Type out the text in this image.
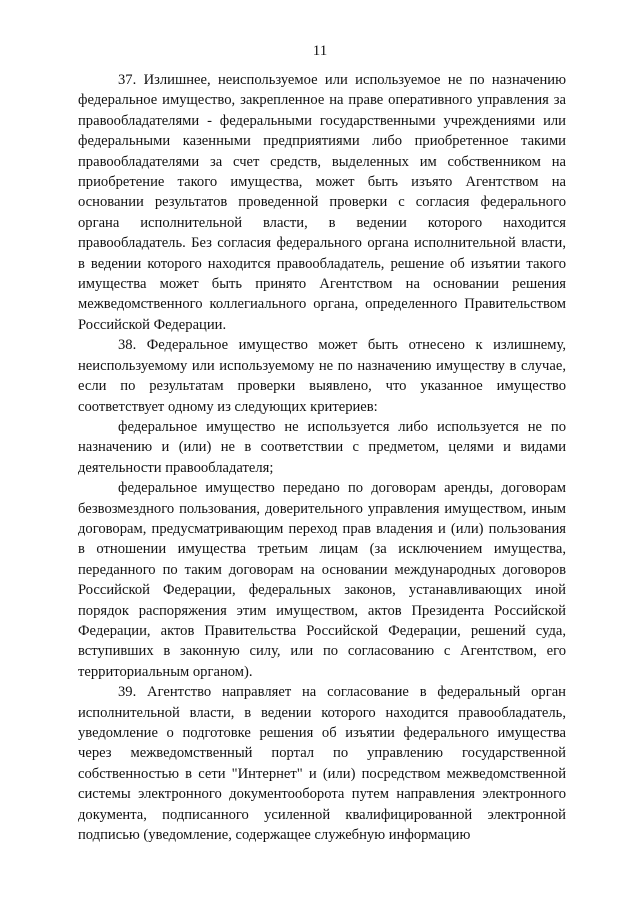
11

37. Излишнее, неиспользуемое или используемое не по назначению федеральное имущество, закрепленное на праве оперативного управления за правообладателями - федеральными государственными учреждениями или федеральными казенными предприятиями либо приобретенное такими правообладателями за счет средств, выделенных им собственником на приобретение такого имущества, может быть изъято Агентством на основании результатов проведенной проверки с согласия федерального органа исполнительной власти, в ведении которого находится правообладатель. Без согласия федерального органа исполнительной власти, в ведении которого находится правообладатель, решение об изъятии такого имущества может быть принято Агентством на основании решения межведомственного коллегиального органа, определенного Правительством Российской Федерации.

38. Федеральное имущество может быть отнесено к излишнему, неиспользуемому или используемому не по назначению имуществу в случае, если по результатам проверки выявлено, что указанное имущество соответствует одному из следующих критериев:

федеральное имущество не используется либо используется не по назначению и (или) не в соответствии с предметом, целями и видами деятельности правообладателя;

федеральное имущество передано по договорам аренды, договорам безвозмездного пользования, доверительного управления имуществом, иным договорам, предусматривающим переход прав владения и (или) пользования в отношении имущества третьим лицам (за исключением имущества, переданного по таким договорам на основании международных договоров Российской Федерации, федеральных законов, устанавливающих иной порядок распоряжения этим имуществом, актов Президента Российской Федерации, актов Правительства Российской Федерации, решений суда, вступивших в законную силу, или по согласованию с Агентством, его территориальным органом).

39. Агентство направляет на согласование в федеральный орган исполнительной власти, в ведении которого находится правообладатель, уведомление о подготовке решения об изъятии федерального имущества через межведомственный портал по управлению государственной собственностью в сети "Интернет" и (или) посредством межведомственной системы электронного документооборота путем направления электронного документа, подписанного усиленной квалифицированной электронной подписью (уведомление, содержащее служебную информацию
